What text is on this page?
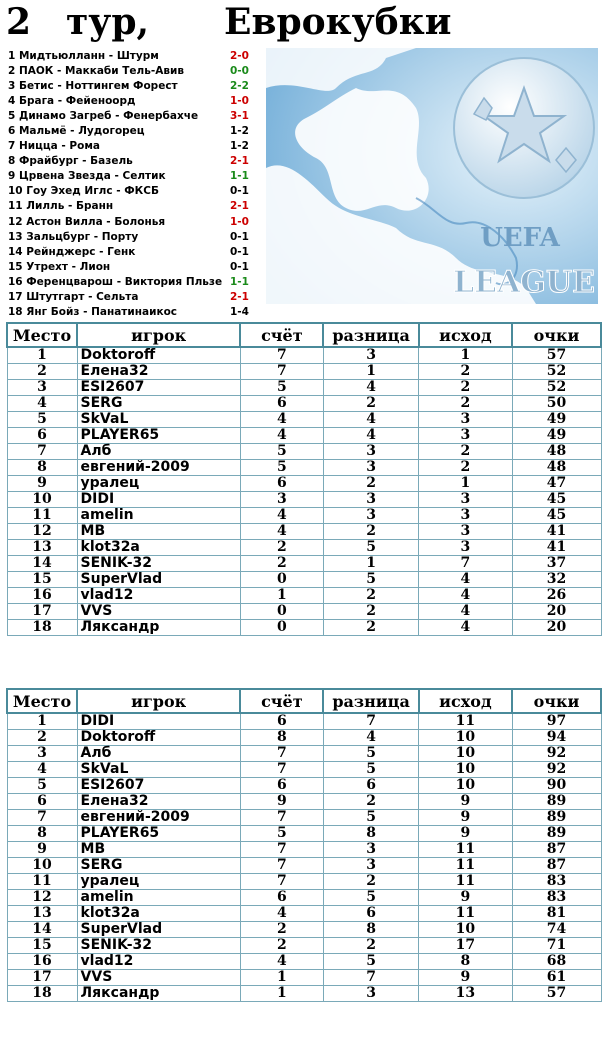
2 тур, Еврокубки
1 Мидтьюлланн - Штурм	2-0
2 ПАОК - Маккаби Тель-Авив	0-0
3 Бетис - Ноттингем Форест	2-2
4 Брага - Фейеноорд	1-0
5 Динамо Загреб - Фенербахче	3-1
6 Мальмё - Лудогорец	1-2
7 Ницца - Рома	1-2
8 Фрайбург - Базель	2-1
9 Црвена Звезда - Селтик	1-1
10 Гоу Эхед Иглс - ФКСБ	0-1
11 Лилль - Бранн	2-1
12 Астон Вилла - Болонья	1-0
13 Зальцбург - Порту	0-1
14 Рейнджерс - Генк	0-1
15 Утрехт - Лион	0-1
16 Ференцварош - Виктория Пльзе 1-1
17 Штутгарт - Сельта	2-1
18 Янг Бойз - Панатинаикос	1-4
UEFA
LEAGUE
Место	игрок	счёт	разница	исход	очки
1	Doktoroff	7	3	1	57
2	Елена32	7	1	2	52
3	ESI2607	5	4	2	52
4	SERG	6	2	2	50
5	SkVaL	4	4	3	49
6	PLAYER65	4	4	3	49
7	Алб	5	3	2	48
8	евгений-2009	5	3	2	48
9	уралец	6	2	1	47
10	DIDI	3	3	3	45
11	amelin	4	3	3	45
12	MB	4	2	3	41
13	klot32a	2	5	3	41
14	SENIK-32	2	1	7	37
15	SuperVlad	0	5	4	32
16	vlad12	1	2	4	26
17	VVS	0	2	4	20
18	Ляксандр	0	2	4	20
Место	игрок	счёт	разница	исход	очки
1	DIDI	6	7	11	97
2	Doktoroff	8	4	10	94
3	Алб	7	5	10	92
4	SkVaL	7	5	10	92
5	ESI2607	6	6	10	90
6	Елена32	9	2	9	89
7	евгений-2009	7	5	9	89
8	PLAYER65	5	8	9	89
9	MB	7	3	11	87
10	SERG	7	3	11	87
11	уралец	7	2	11	83
12	amelin	6	5	9	83
13	klot32a	4	6	11	81
14	SuperVlad	2	8	10	74
15	SENIK-32	2	2	17	71
16	vlad12	4	5	8	68
17	VVS	1	7	9	61
18	Ляксандр	1	3	13	57
